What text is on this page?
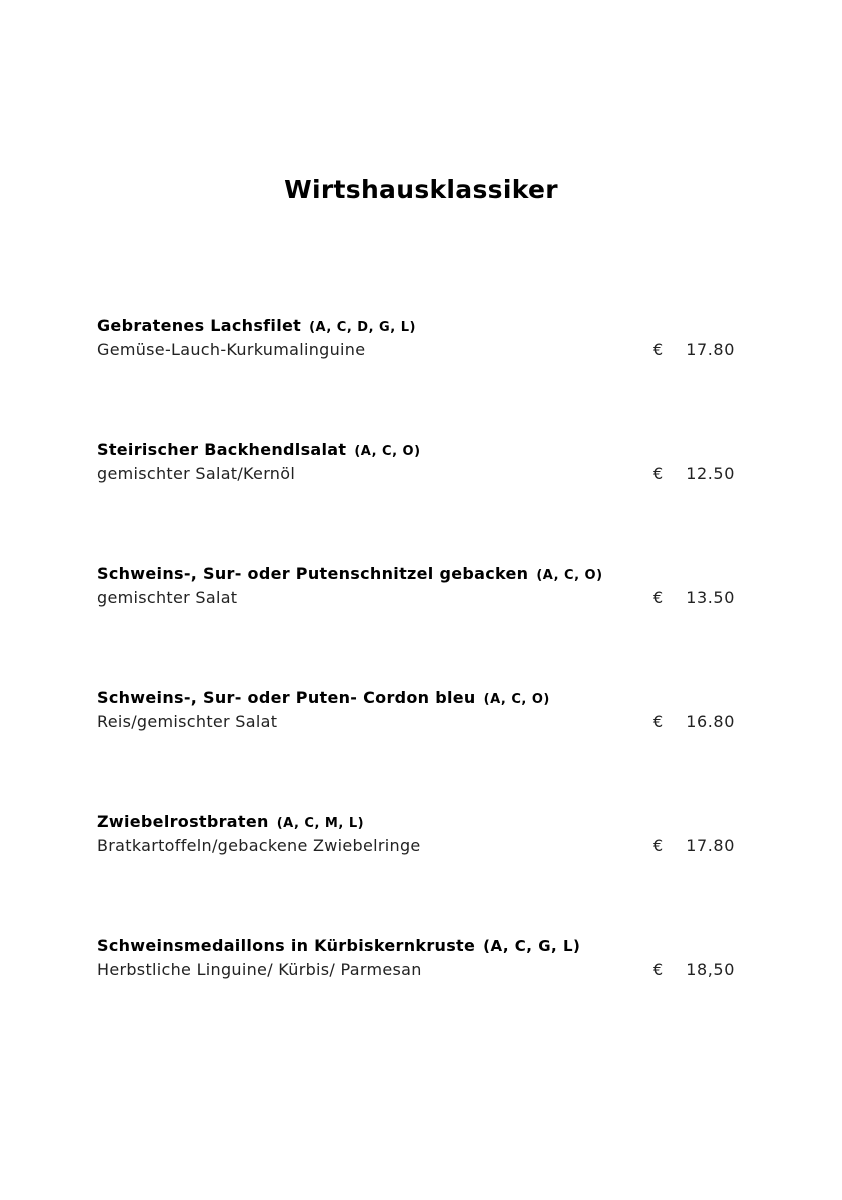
Wirtshausklassiker
Gebratenes Lachsfilet (A, C, D, G, L)
Gemüse-Lauch-Kurkumalinguine	€ 17.80
Steirischer Backhendlsalat (A, C, O)
gemischter Salat/Kernöl	€ 12.50
Schweins-, Sur- oder Putenschnitzel gebacken (A, C, O)
gemischter Salat	€ 13.50
Schweins-, Sur- oder Puten- Cordon bleu (A, C, O)
Reis/gemischter Salat	€ 16.80
Zwiebelrostbraten (A, C, M, L)
Bratkartoffeln/gebackene Zwiebelringe	€ 17.80
Schweinsmedaillons in Kürbiskernkruste (A, C, G, L)
Herbstliche Linguine/ Kürbis/ Parmesan	€ 18,50
